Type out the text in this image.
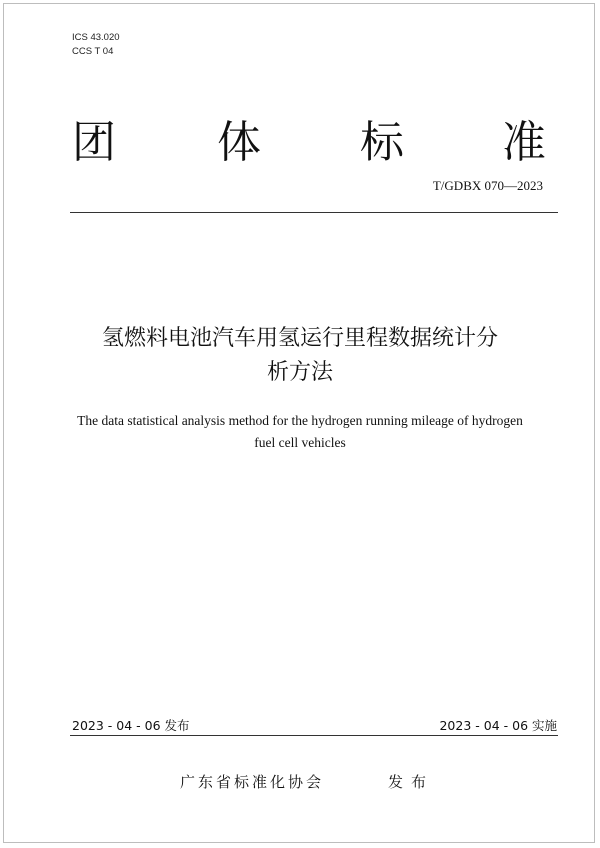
ICS 43.020
CCS T 04
团 体 标 准
T/GDBX 070—2023
氢燃料电池汽车用氢运行里程数据统计分
析方法
The data statistical analysis method for the hydrogen running mileage of hydrogen
fuel cell vehicles
2023 - 04 - 06 发布	2023 - 04 - 06 实施
广东省标准化协会	发布
